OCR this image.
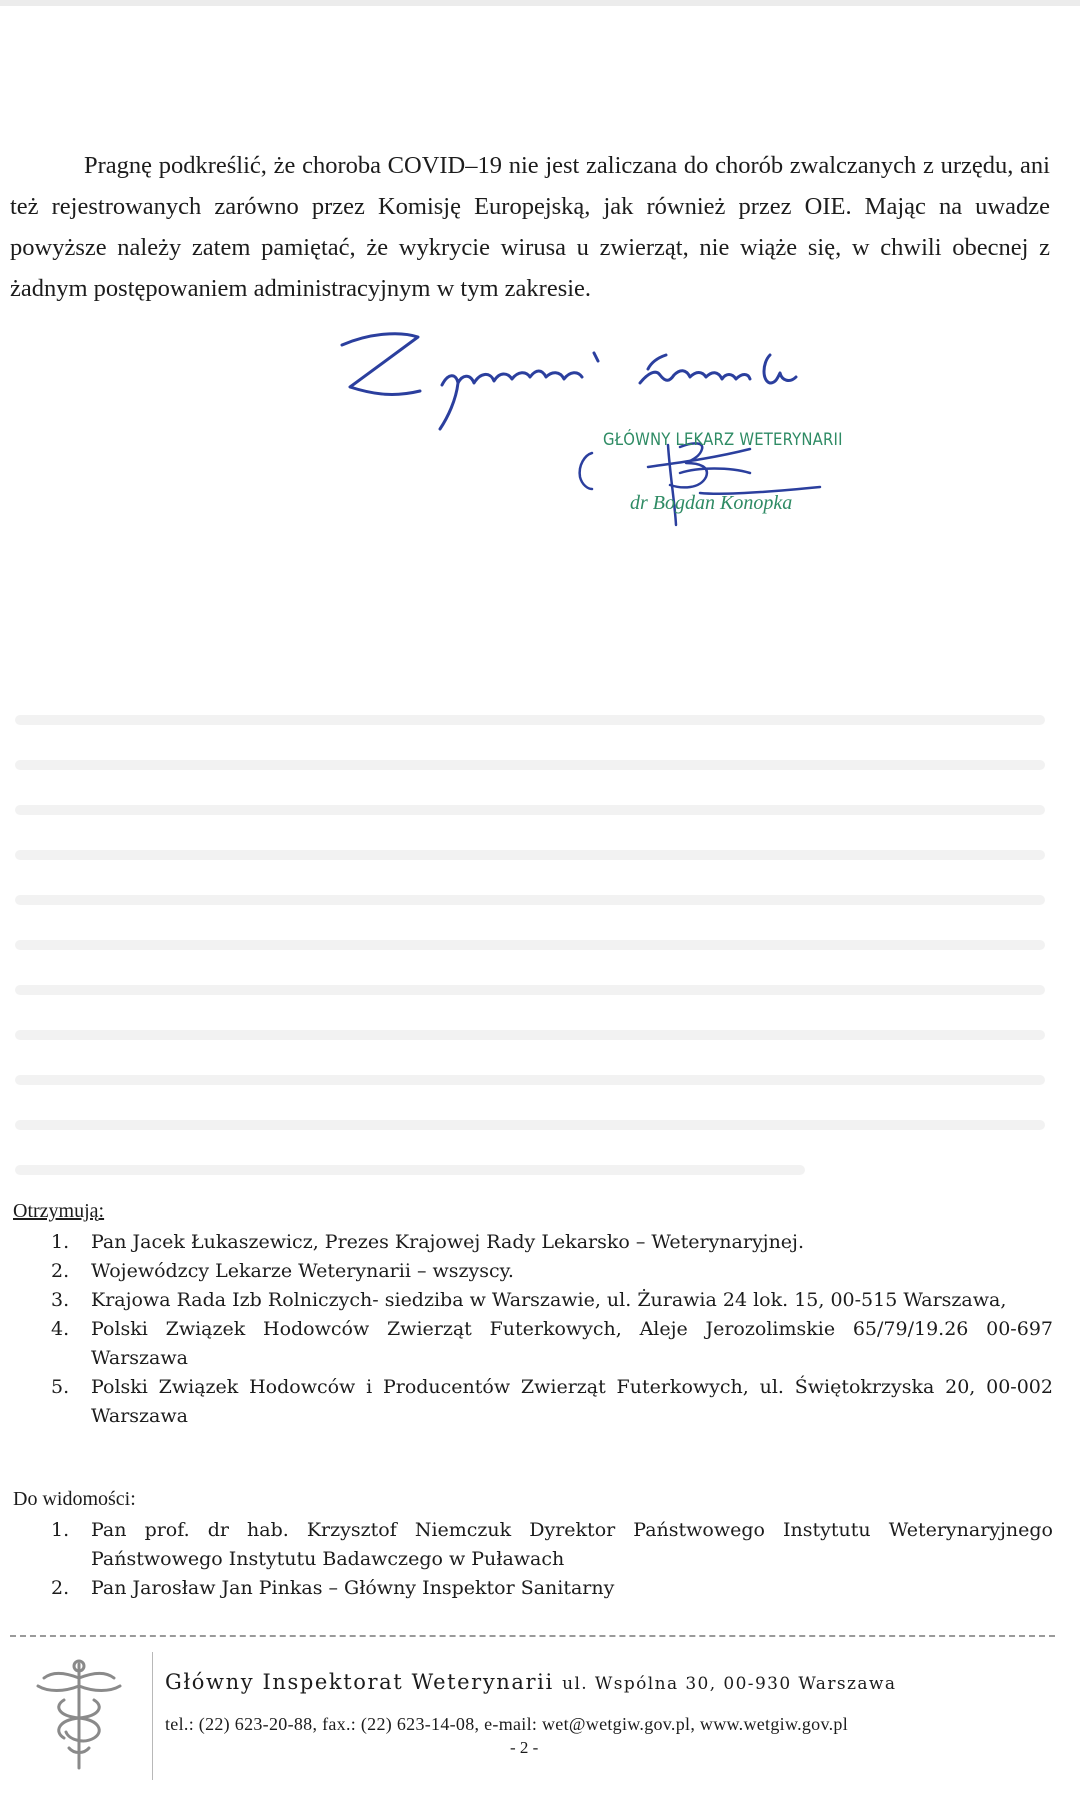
Pragnę podkreślić, że choroba COVID–19 nie jest zaliczana do chorób zwalczanych z urzędu, ani też rejestrowanych zarówno przez Komisję Europejską, jak również przez OIE. Mając na uwadze powyższe należy zatem pamiętać, że wykrycie wirusa u zwierząt, nie wiąże się, w chwili obecnej z żadnym postępowaniem administracyjnym w tym zakresie.

GŁÓWNY LEKARZ WETERYNARII
dr Bogdan Konopka
Otrzymują:
1. Pan Jacek Łukaszewicz, Prezes Krajowej Rady Lekarsko – Weterynaryjnej.
2. Wojewódzcy Lekarze Weterynarii – wszyscy.
3. Krajowa Rada Izb Rolniczych- siedziba w Warszawie, ul. Żurawia 24 lok. 15, 00-515 Warszawa,
4. Polski Związek Hodowców Zwierząt Futerkowych, Aleje Jerozolimskie 65/79/19.26 00-697 Warszawa
5. Polski Związek Hodowców i Producentów Zwierząt Futerkowych, ul. Świętokrzyska 20, 00-002 Warszawa
Do widomości:
1. Pan prof. dr hab. Krzysztof Niemczuk Dyrektor Państwowego Instytutu Weterynaryjnego Państwowego Instytutu Badawczego w Puławach
2. Pan Jarosław Jan Pinkas – Główny Inspektor Sanitarny
Główny Inspektorat Weterynarii ul. Wspólna 30, 00-930 Warszawa
tel.: (22) 623-20-88, fax.: (22) 623-14-08, e-mail: wet@wetgiw.gov.pl, www.wetgiw.gov.pl
- 2 -
